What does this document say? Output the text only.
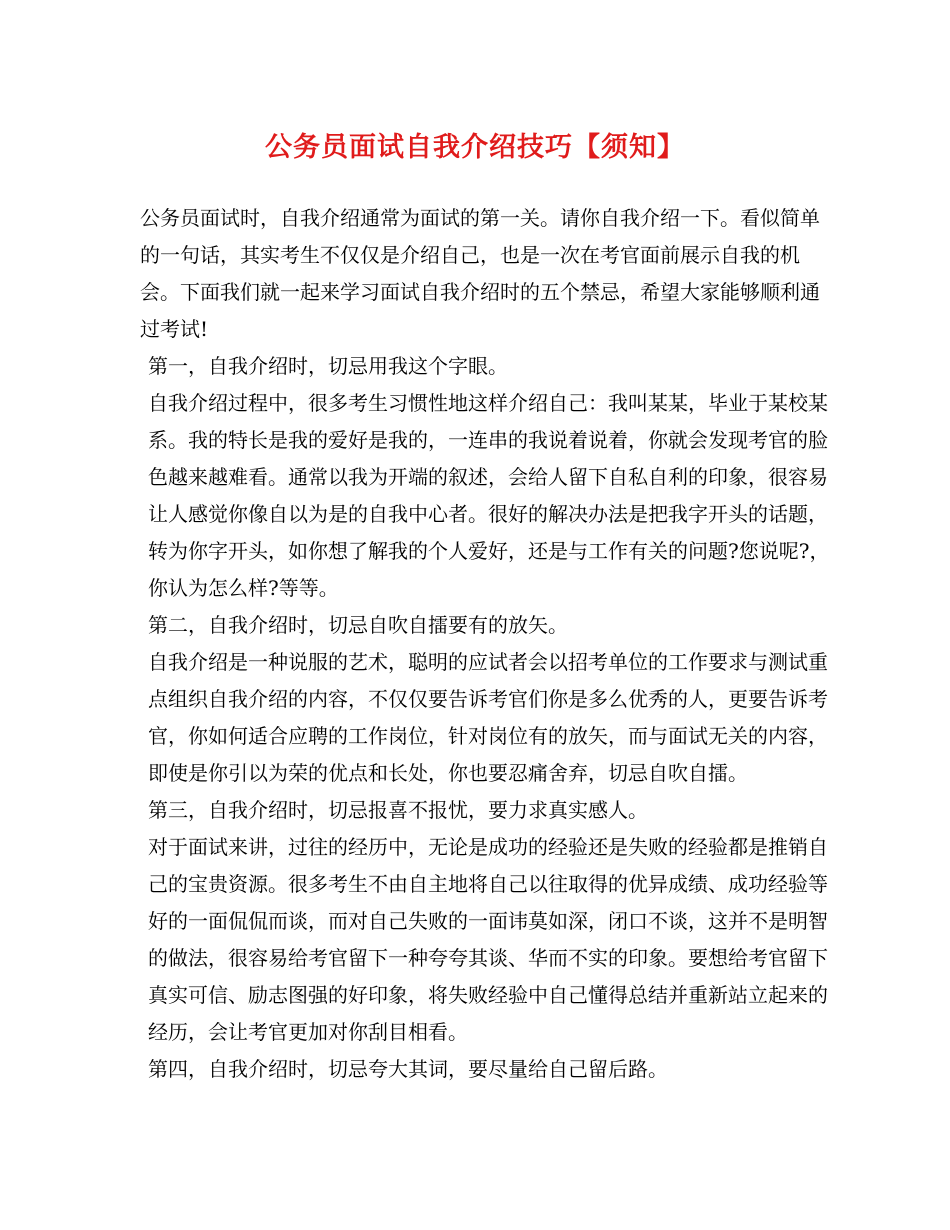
公务员面试自我介绍技巧【须知】

公务员面试时，自我介绍通常为面试的第一关。请你自我介绍一下。看似简单的一句话，其实考生不仅仅是介绍自己，也是一次在考官面前展示自我的机会。下面我们就一起来学习面试自我介绍时的五个禁忌，希望大家能够顺利通过考试!

第一，自我介绍时，切忌用我这个字眼。

自我介绍过程中，很多考生习惯性地这样介绍自己：我叫某某，毕业于某校某系。我的特长是我的爱好是我的，一连串的我说着说着，你就会发现考官的脸色越来越难看。通常以我为开端的叙述，会给人留下自私自利的印象，很容易让人感觉你像自以为是的自我中心者。很好的解决办法是把我字开头的话题，转为你字开头，如你想了解我的个人爱好，还是与工作有关的问题?您说呢?，你认为怎么样?等等。

第二，自我介绍时，切忌自吹自擂要有的放矢。

自我介绍是一种说服的艺术，聪明的应试者会以招考单位的工作要求与测试重点组织自我介绍的内容，不仅仅要告诉考官们你是多么优秀的人，更要告诉考官，你如何适合应聘的工作岗位，针对岗位有的放矢，而与面试无关的内容，即使是你引以为荣的优点和长处，你也要忍痛舍弃，切忌自吹自擂。

第三，自我介绍时，切忌报喜不报忧，要力求真实感人。

对于面试来讲，过往的经历中，无论是成功的经验还是失败的经验都是推销自己的宝贵资源。很多考生不由自主地将自己以往取得的优异成绩、成功经验等好的一面侃侃而谈，而对自己失败的一面讳莫如深，闭口不谈，这并不是明智的做法，很容易给考官留下一种夸夸其谈、华而不实的印象。要想给考官留下真实可信、励志图强的好印象，将失败经验中自己懂得总结并重新站立起来的经历，会让考官更加对你刮目相看。

第四，自我介绍时，切忌夸大其词，要尽量给自己留后路。
